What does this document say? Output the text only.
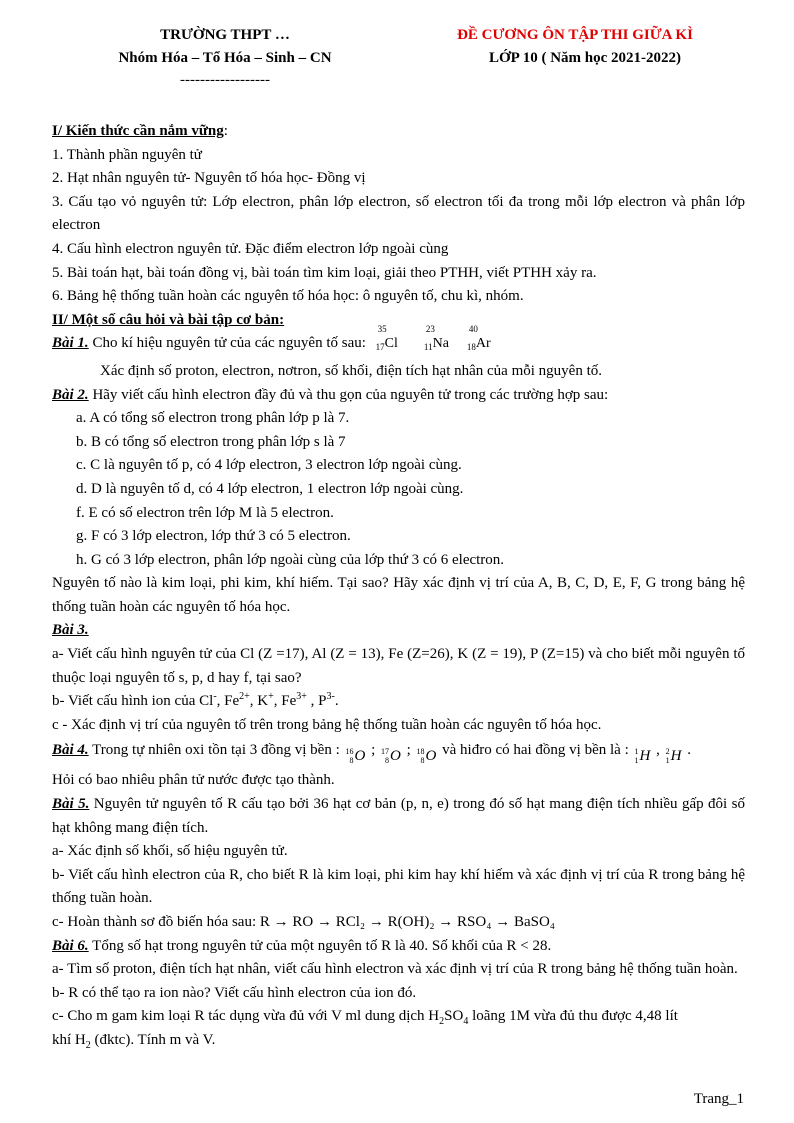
TRƯỜNG THPT …
Nhóm Hóa – Tổ Hóa – Sinh – CN
------------------
ĐỀ CƯƠNG ÔN TẬP THI GIỮA KÌ
LỚP 10 ( Năm học 2021-2022)
I/ Kiến thức cần nắm vững:
1. Thành phần nguyên tử
2. Hạt nhân nguyên tử- Nguyên tố hóa học- Đồng vị
3. Cấu tạo vỏ nguyên tử: Lớp electron, phân lớp electron, số electron tối đa trong mỗi lớp electron và phân lớp electron
4. Cấu hình electron nguyên tử. Đặc điểm electron lớp ngoài cùng
5. Bài toán hạt, bài toán đồng vị, bài toán tìm kim loại, giải theo PTHH, viết PTHH xảy ra.
6. Bảng hệ thống tuần hoàn các nguyên tố hóa học: ô nguyên tố, chu kì, nhóm.
II/ Một số câu hỏi và bài tập cơ bản:
Bài 1. Cho kí hiệu nguyên tử của các nguyên tố sau:
35
$_{17}$Cl
23
$_{11}$Na
40
$_{18}$Ar
Xác định số proton, electron, nơtron, số khối, điện tích hạt nhân của mỗi nguyên tố.
Bài 2. Hãy viết cấu hình electron đầy đủ và thu gọn của nguyên tử trong các trường hợp sau:
a. A có tổng số electron trong phân lớp p là 7.
b. B có tổng số electron trong phân lớp s là 7
c. C là nguyên tố p, có 4 lớp electron, 3 electron lớp ngoài cùng.
d. D là nguyên tố d, có 4 lớp electron, 1 electron lớp ngoài cùng.
f. E có số electron trên lớp M là 5 electron.
g. F có 3 lớp electron, lớp thứ 3 có 5 electron.
h. G có 3 lớp electron, phân lớp ngoài cùng của lớp thứ 3 có 6 electron.
Nguyên tố nào là kim loại, phi kim, khí hiếm. Tại sao? Hãy xác định vị trí của A, B, C, D, E, F, G trong bảng hệ thống tuần hoàn các nguyên tố hóa học.
Bài 3.
a- Viết cấu hình nguyên tử của Cl (Z =17), Al (Z = 13), Fe (Z=26), K (Z = 19), P (Z=15) và cho biết mỗi nguyên tố thuộc loại nguyên tố s, p, d hay f, tại sao?
b- Viết cấu hình ion của Cl-, $Fe^{2+}$, K+, $Fe^{3+}$ , $P^{3-}$.
c - Xác định vị trí của nguyên tố trên trong bảng hệ thống tuần hoàn các nguyên tố hóa học.
Bài 4. Trong tự nhiên oxi tồn tại 3 đồng vị bền : 16
8 O ; 17
8 O ; 18
8 O và hiđro có hai đồng vị bền là : 1
1 H , 2
1 H .
Hỏi có bao nhiêu phân tử nước được tạo thành.
Bài 5. Nguyên tử nguyên tố R cấu tạo bởi 36 hạt cơ bản (p, n, e) trong đó số hạt mang điện tích nhiều gấp đôi số hạt không mang điện tích.
a- Xác định số khối, số hiệu nguyên tử.
b- Viết cấu hình electron của R, cho biết R là kim loại, phi kim hay khí hiếm và xác định vị trí của R trong bảng hệ thống tuần hoàn.
c- Hoàn thành sơ đồ biến hóa sau: R → RO → RCl₂ → R(OH)₂ → RSO₄ → BaSO₄
Bài 6. Tổng số hạt trong nguyên tử của một nguyên tố R là 40. Số khối của R < 28.
a- Tìm số proton, điện tích hạt nhân, viết cấu hình electron và xác định vị trí của R trong bảng hệ thống tuần hoàn.
b- R có thể tạo ra ion nào? Viết cấu hình electron của ion đó.
c- Cho m gam kim loại R tác dụng vừa đủ với V ml dung dịch $H_2SO_4$ loãng 1M vừa đủ thu được 4,48 lít
khí $H_2$ (đktc). Tính m và V.
Trang_1
